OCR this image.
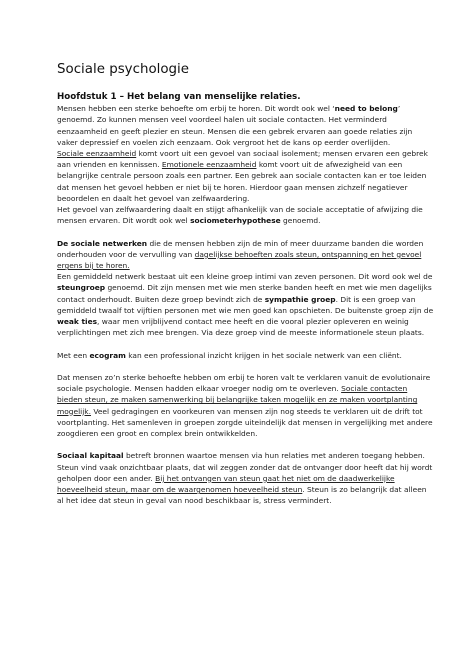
Sociale psychologie
Hoofdstuk 1 – Het belang van menselijke relaties.

Mensen hebben een sterke behoefte om erbij te horen. Dit wordt ook wel ‘need to belong’ genoemd. Zo kunnen mensen veel voordeel halen uit sociale contacten. Het verminderd eenzaamheid en geeft plezier en steun. Mensen die een gebrek ervaren aan goede relaties zijn vaker depressief en voelen zich eenzaam. Ook vergroot het de kans op eerder overlijden.

Sociale eenzaamheid komt voort uit een gevoel van sociaal isolement; mensen ervaren een gebrek aan vrienden en kennissen. Emotionele eenzaamheid komt voort uit de afwezigheid van een belangrijke centrale persoon zoals een partner. Een gebrek aan sociale contacten kan er toe leiden dat mensen het gevoel hebben er niet bij te horen. Hierdoor gaan mensen zichzelf negatiever beoordelen en daalt het gevoel van zelfwaardering.
Het gevoel van zelfwaardering daalt en stijgt afhankelijk van de sociale acceptatie of afwijzing die mensen ervaren. Dit wordt ook wel sociometerhypothese genoemd.

De sociale netwerken die de mensen hebben zijn de min of meer duurzame banden die worden onderhouden voor de vervulling van dagelijkse behoeften zoals steun, ontspanning en het gevoel ergens bij te horen.
Een gemiddeld netwerk bestaat uit een kleine groep intimi van zeven personen. Dit word ook wel de steungroep genoemd. Dit zijn mensen met wie men sterke banden heeft en met wie men dagelijks contact onderhoudt. Buiten deze groep bevindt zich de sympathie groep. Dit is een groep van gemiddeld twaalf tot vijftien personen met wie men goed kan opschieten. De buitenste groep zijn de weak ties, waar men vrijblijvend contact mee heeft en die vooral plezier opleveren en weinig verplichtingen met zich mee brengen. Via deze groep vind de meeste informationele steun plaats.

Met een ecogram kan een professional inzicht krijgen in het sociale netwerk van een cliënt.

Dat mensen zo’n sterke behoefte hebben om erbij te horen valt te verklaren vanuit de evolutionaire sociale psychologie. Mensen hadden elkaar vroeger nodig om te overleven. Sociale contacten bieden steun, ze maken samenwerking bij belangrijke taken mogelijk en ze maken voortplanting mogelijk. Veel gedragingen en voorkeuren van mensen zijn nog steeds te verklaren uit de drift tot voortplanting. Het samenleven in groepen zorgde uiteindelijk dat mensen in vergelijking met andere zoogdieren een groot en complex brein ontwikkelden.

Sociaal kapitaal betreft bronnen waartoe mensen via hun relaties met anderen toegang hebben. Steun vind vaak onzichtbaar plaats, dat wil zeggen zonder dat de ontvanger door heeft dat hij wordt geholpen door een ander. Bij het ontvangen van steun gaat het niet om de daadwerkelijke hoeveelheid steun, maar om de waargenomen hoeveelheid steun. Steun is zo belangrijk dat alleen al het idee dat steun in geval van nood beschikbaar is, stress vermindert.
